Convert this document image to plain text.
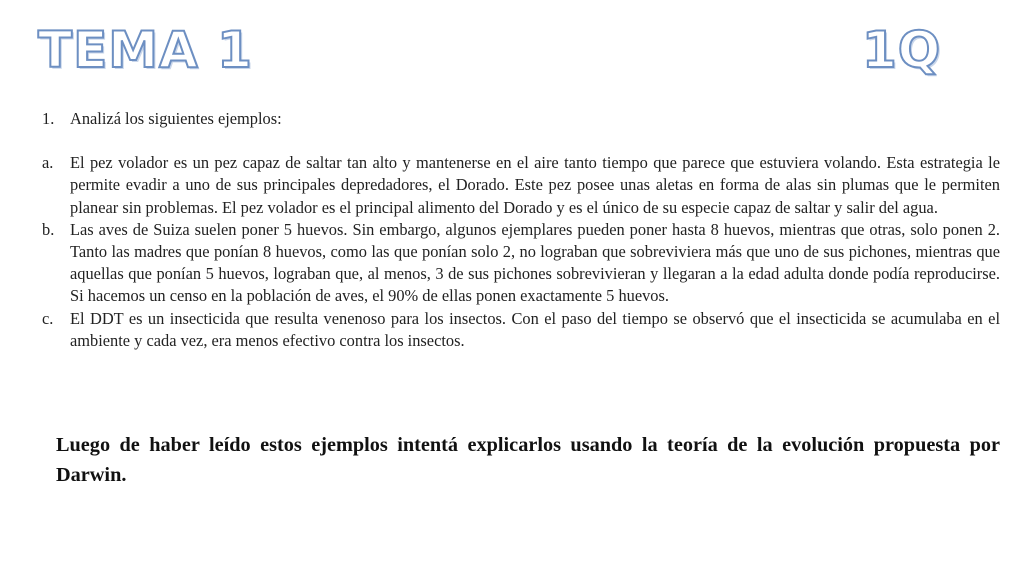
TEMA 1	1Q
1. Analizá los siguientes ejemplos:
a. El pez volador es un pez capaz de saltar tan alto y mantenerse en el aire tanto tiempo que parece que estuviera volando. Esta estrategia le permite evadir a uno de sus principales depredadores, el Dorado. Este pez posee unas aletas en forma de alas sin plumas que le permiten planear sin problemas. El pez volador es el principal alimento del Dorado y es el único de su especie capaz de saltar y salir del agua.
b. Las aves de Suiza suelen poner 5 huevos. Sin embargo, algunos ejemplares pueden poner hasta 8 huevos, mientras que otras, solo ponen 2. Tanto las madres que ponían 8 huevos, como las que ponían solo 2, no lograban que sobreviviera más que uno de sus pichones, mientras que aquellas que ponían 5 huevos, lograban que, al menos, 3 de sus pichones sobrevivieran y llegaran a la edad adulta donde podía reproducirse. Si hacemos un censo en la población de aves, el 90% de ellas ponen exactamente 5 huevos.
c. El DDT es un insecticida que resulta venenoso para los insectos. Con el paso del tiempo se observó que el insecticida se acumulaba en el ambiente y cada vez, era menos efectivo contra los insectos.
Luego de haber leído estos ejemplos intentá explicarlos usando la teoría de la evolución propuesta por Darwin.
